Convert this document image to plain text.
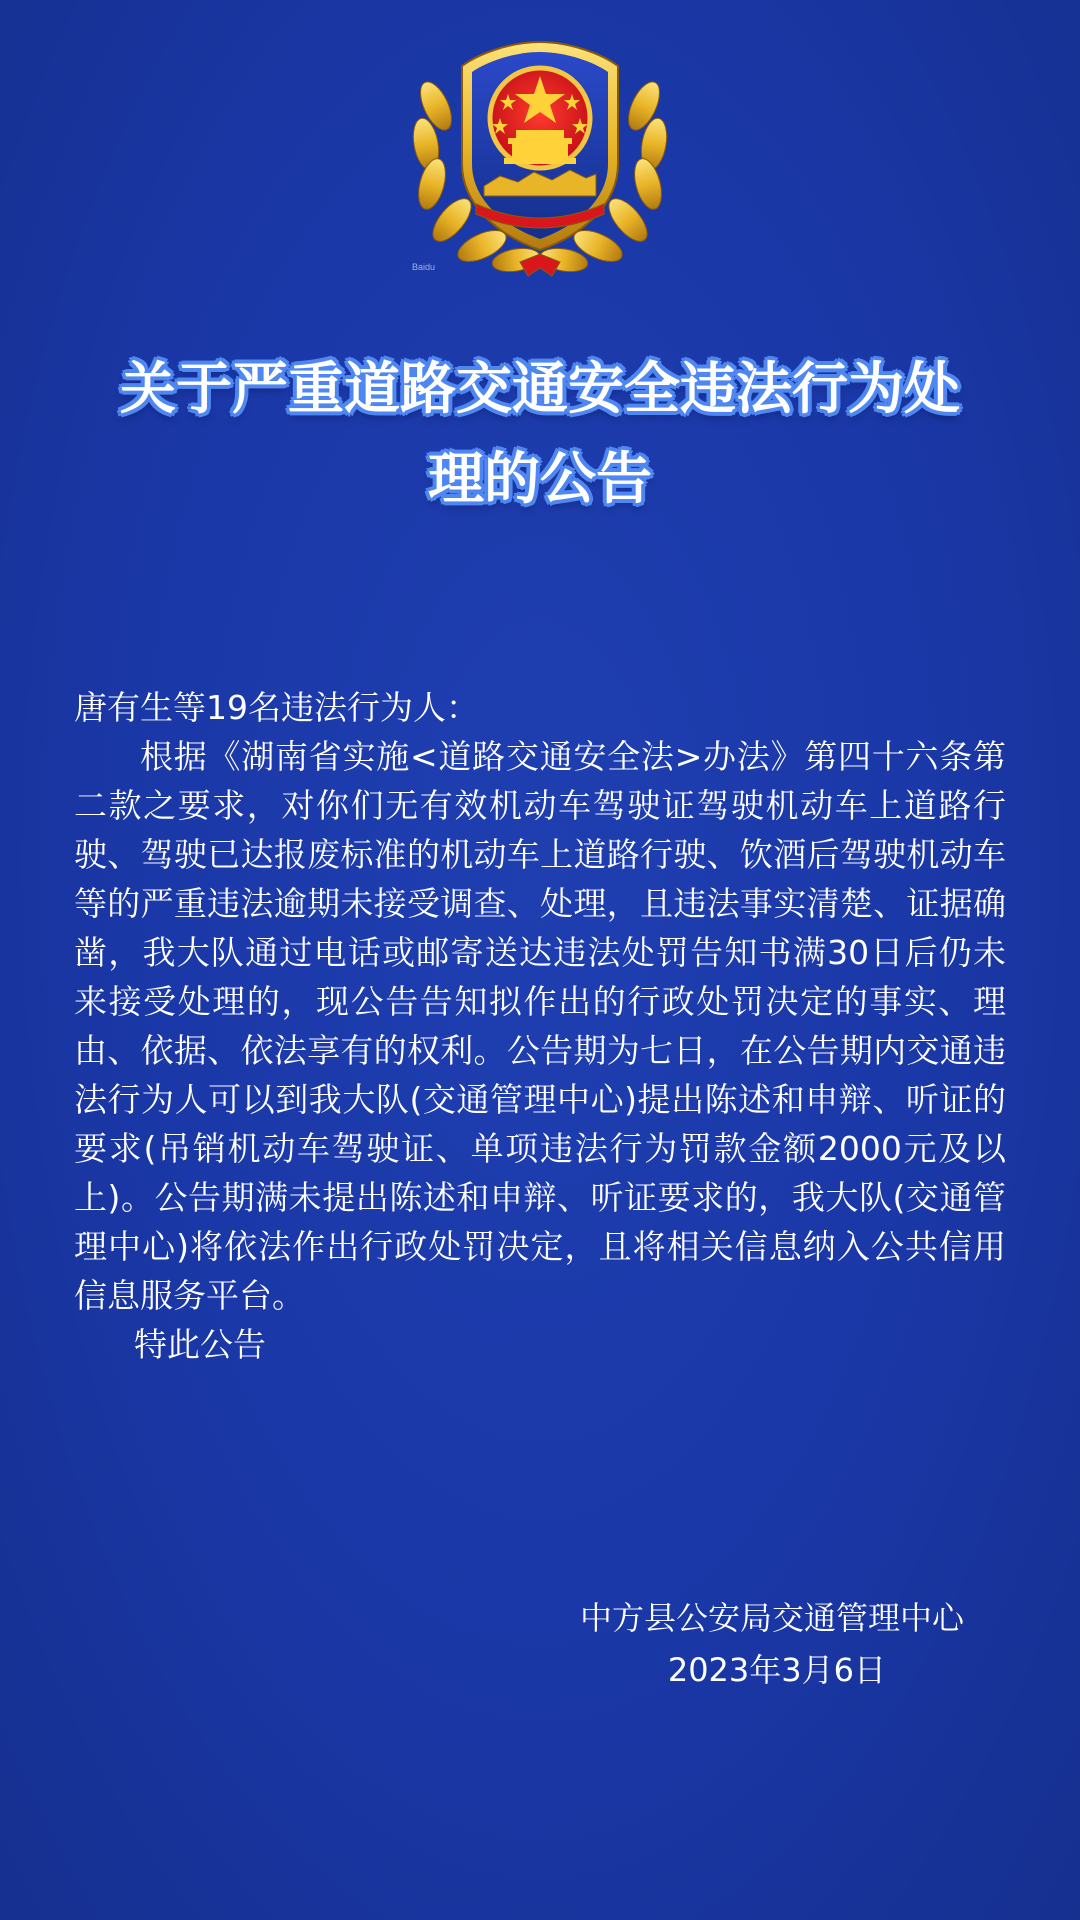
Baidu
关于严重道路交通安全违法行为处
理的公告

唐有生等19名违法行为人：

根据《湖南省实施<道路交通安全法>办法》第四十六条第二款之要求，对你们无有效机动车驾驶证驾驶机动车上道路行驶、驾驶已达报废标准的机动车上道路行驶、饮酒后驾驶机动车等的严重违法逾期未接受调查、处理，且违法事实清楚、证据确凿，我大队通过电话或邮寄送达违法处罚告知书满30日后仍未来接受处理的，现公告告知拟作出的行政处罚决定的事实、理由、依据、依法享有的权利。公告期为七日，在公告期内交通违法行为人可以到我大队(交通管理中心)提出陈述和申辩、听证的要求(吊销机动车驾驶证、单项违法行为罚款金额2000元及以上)。公告期满未提出陈述和申辩、听证要求的，我大队(交通管理中心)将依法作出行政处罚决定，且将相关信息纳入公共信用信息服务平台。

特此公告

中方县公安局交通管理中心
2023年3月6日
